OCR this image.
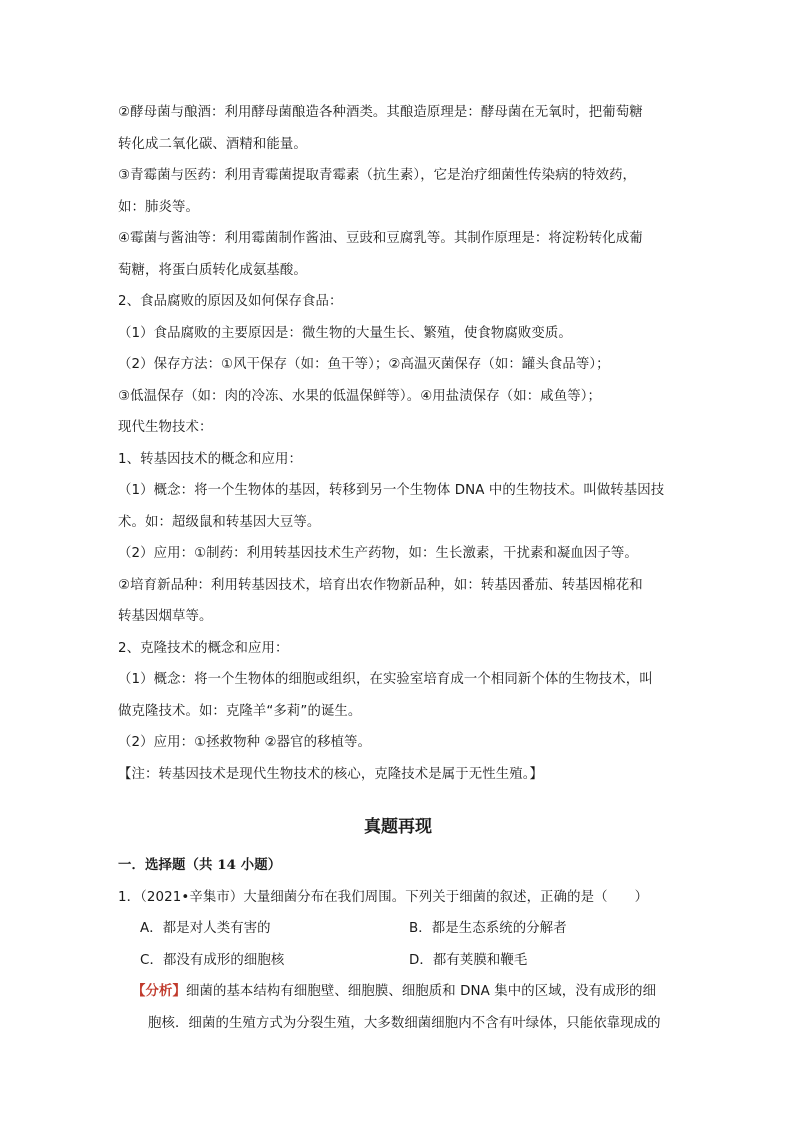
②酵母菌与酿酒：利用酵母菌酿造各种酒类。其酿造原理是：酵母菌在无氧时，把葡萄糖
转化成二氧化碳、酒精和能量。
③青霉菌与医药：利用青霉菌提取青霉素（抗生素），它是治疗细菌性传染病的特效药，
如：肺炎等。
④霉菌与酱油等：利用霉菌制作酱油、豆豉和豆腐乳等。其制作原理是：将淀粉转化成葡
萄糖，将蛋白质转化成氨基酸。
2、食品腐败的原因及如何保存食品：
（1）食品腐败的主要原因是：微生物的大量生长、繁殖，使食物腐败变质。
（2）保存方法：①风干保存（如：鱼干等）；②高温灭菌保存（如：罐头食品等）；
③低温保存（如：肉的冷冻、水果的低温保鲜等）。④用盐渍保存（如：咸鱼等）；
现代生物技术：
1、转基因技术的概念和应用：
（1）概念：将一个生物体的基因，转移到另一个生物体 DNA 中的生物技术。叫做转基因技
术。如：超级鼠和转基因大豆等。
（2）应用：①制药：利用转基因技术生产药物，如：生长激素，干扰素和凝血因子等。
②培育新品种：利用转基因技术，培育出农作物新品种，如：转基因番茄、转基因棉花和
转基因烟草等。
2、克隆技术的概念和应用：
（1）概念：将一个生物体的细胞或组织，在实验室培育成一个相同新个体的生物技术，叫
做克隆技术。如：克隆羊“多莉”的诞生。
（2）应用：①拯救物种 ②器官的移植等。
【注：转基因技术是现代生物技术的核心，克隆技术是属于无性生殖。】
真题再现
一．选择题（共 14 小题）
1．（2021•辛集市）大量细菌分布在我们周围。下列关于细菌的叙述，正确的是（　　）
A．都是对人类有害的	B．都是生态系统的分解者
C．都没有成形的细胞核	D．都有荚膜和鞭毛
【分析】细菌的基本结构有细胞壁、细胞膜、细胞质和 DNA 集中的区域，没有成形的细
胞核．细菌的生殖方式为分裂生殖，大多数细菌细胞内不含有叶绿体，只能依靠现成的
